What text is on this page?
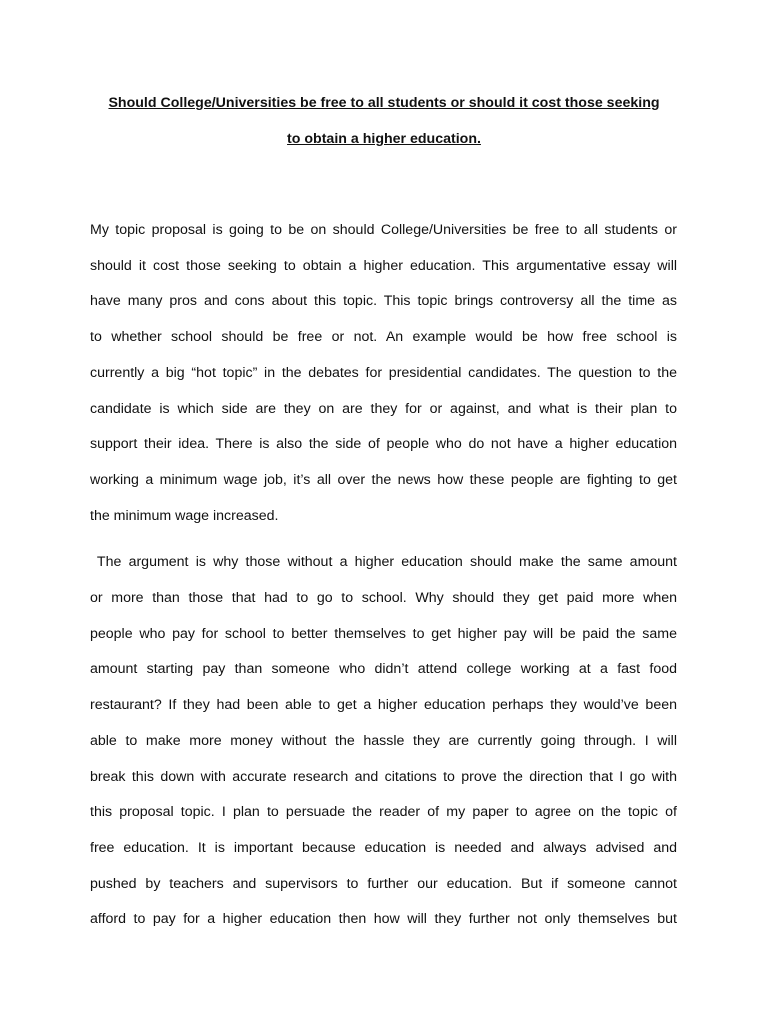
Should College/Universities be free to all students or should it cost those seeking
to obtain a higher education.
My topic proposal is going to be on should College/Universities be free to all students or
should it cost those seeking to obtain a higher education. This argumentative essay will
have many pros and cons about this topic. This topic brings controversy all the time as
to whether school should be free or not. An example would be how free school is
currently a big “hot topic” in the debates for presidential candidates. The question to the
candidate is which side are they on are they for or against, and what is their plan to
support their idea. There is also the side of people who do not have a higher education
working a minimum wage job, it’s all over the news how these people are fighting to get
the minimum wage increased.
The argument is why those without a higher education should make the same amount
or more than those that had to go to school. Why should they get paid more when
people who pay for school to better themselves to get higher pay will be paid the same
amount starting pay than someone who didn’t attend college working at a fast food
restaurant? If they had been able to get a higher education perhaps they would’ve been
able to make more money without the hassle they are currently going through. I will
break this down with accurate research and citations to prove the direction that I go with
this proposal topic. I plan to persuade the reader of my paper to agree on the topic of
free education. It is important because education is needed and always advised and
pushed by teachers and supervisors to further our education. But if someone cannot
afford to pay for a higher education then how will they further not only themselves but
